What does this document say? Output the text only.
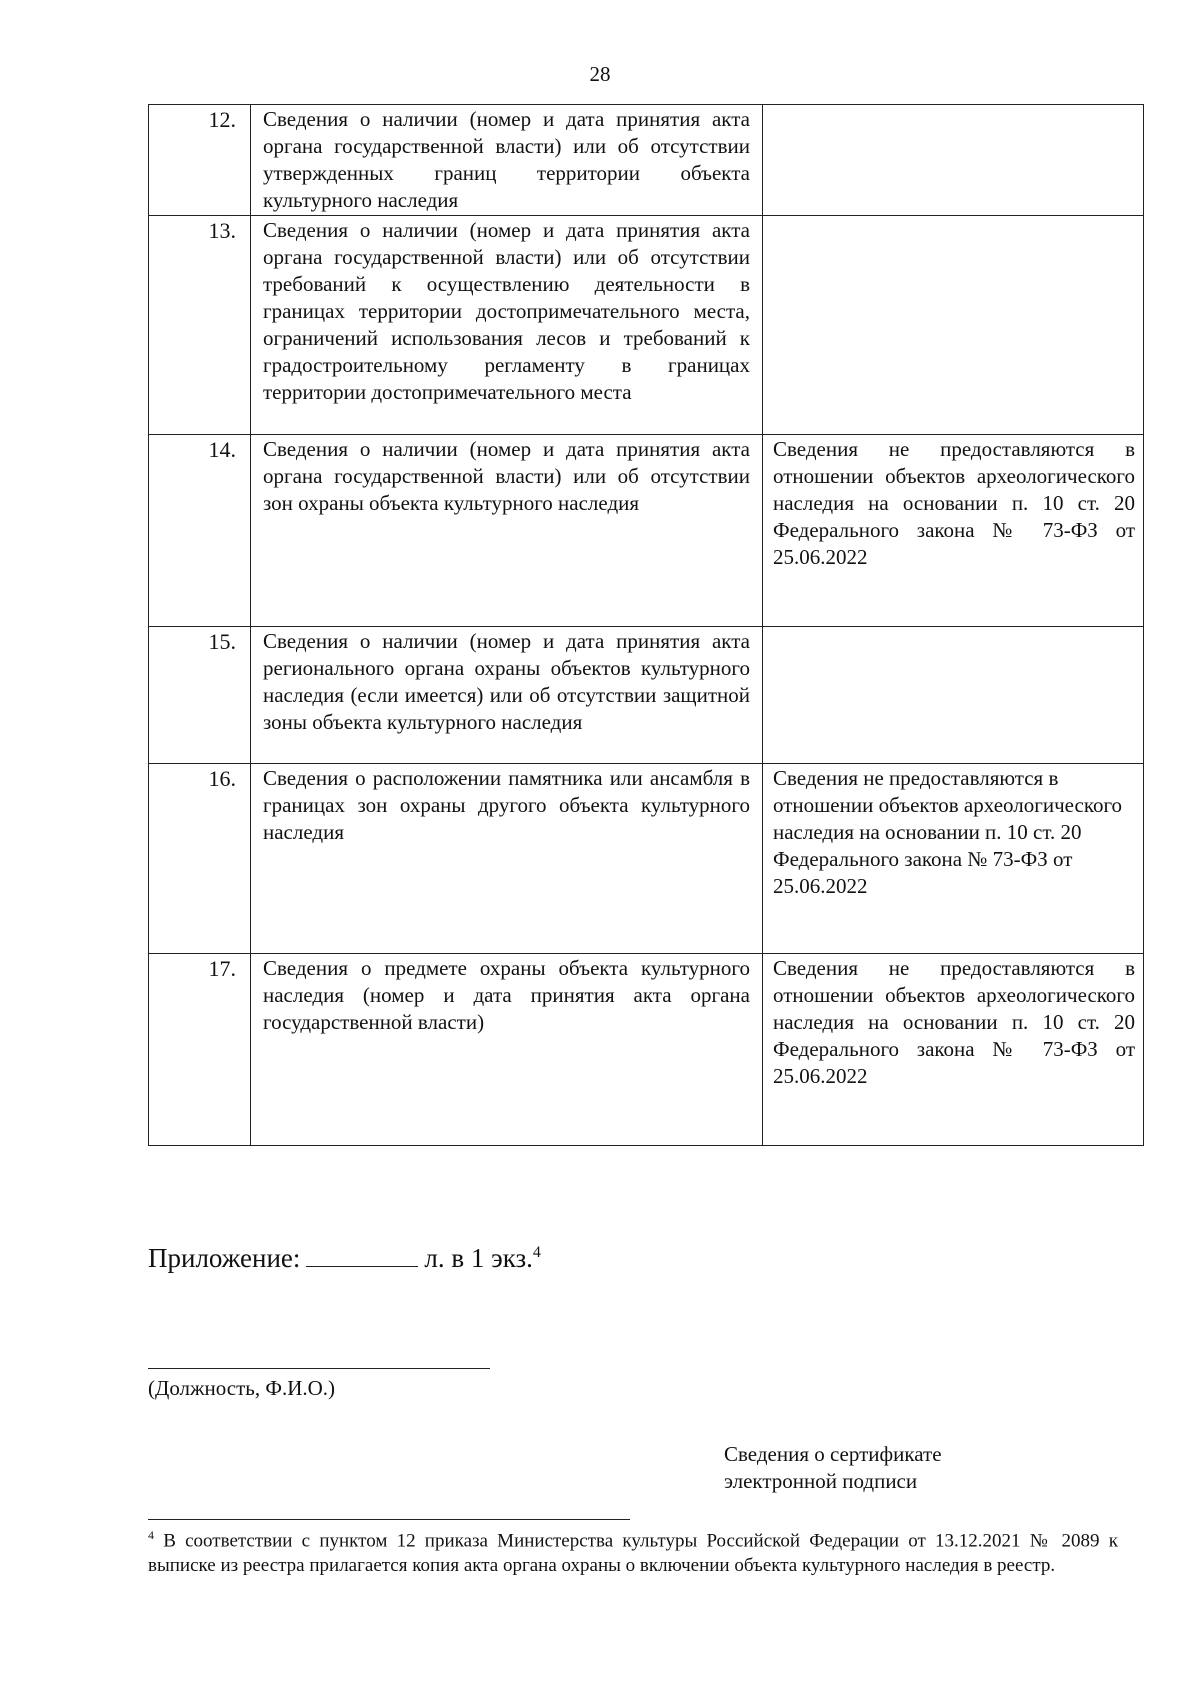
28
12.	Сведения о наличии (номер и дата принятия акта органа государственной власти) или об отсутствии утвержденных границ территории объекта культурного наследия	
13.	Сведения о наличии (номер и дата принятия акта органа государственной власти) или об отсутствии требований к осуществлению деятельности в границах территории достопримечательного места, ограничений использования лесов и требований к градостроительному регламенту в границах территории достопримечательного места	
14.	Сведения о наличии (номер и дата принятия акта органа государственной власти) или об отсутствии зон охраны объекта культурного наследия	Сведения не предоставляются в отношении объектов археологического наследия на основании п. 10 ст. 20 Федерального закона № 73-ФЗ от 25.06.2022
15.	Сведения о наличии (номер и дата принятия акта регионального органа охраны объектов культурного наследия (если имеется) или об отсутствии защитной зоны объекта культурного наследия	
16.	Сведения о расположении памятника или ансамбля в границах зон охраны другого объекта культурного наследия	Сведения не предоставляются в отношении объектов археологического наследия на основании п. 10 ст. 20 Федерального закона № 73-ФЗ от 25.06.2022
17.	Сведения о предмете охраны объекта культурного наследия (номер и дата принятия акта органа государственной власти)	Сведения не предоставляются в отношении объектов археологического наследия на основании п. 10 ст. 20 Федерального закона № 73-ФЗ от 25.06.2022
Приложение:	л. в 1 экз.$^4$
(Должность, Ф.И.О.)
Сведения о сертификате
электронной подписи
$^4$ В соответствии с пунктом 12 приказа Министерства культуры Российской Федерации от 13.12.2021 № 2089 к выписке из реестра прилагается копия акта органа охраны о включении объекта культурного наследия в реестр.
